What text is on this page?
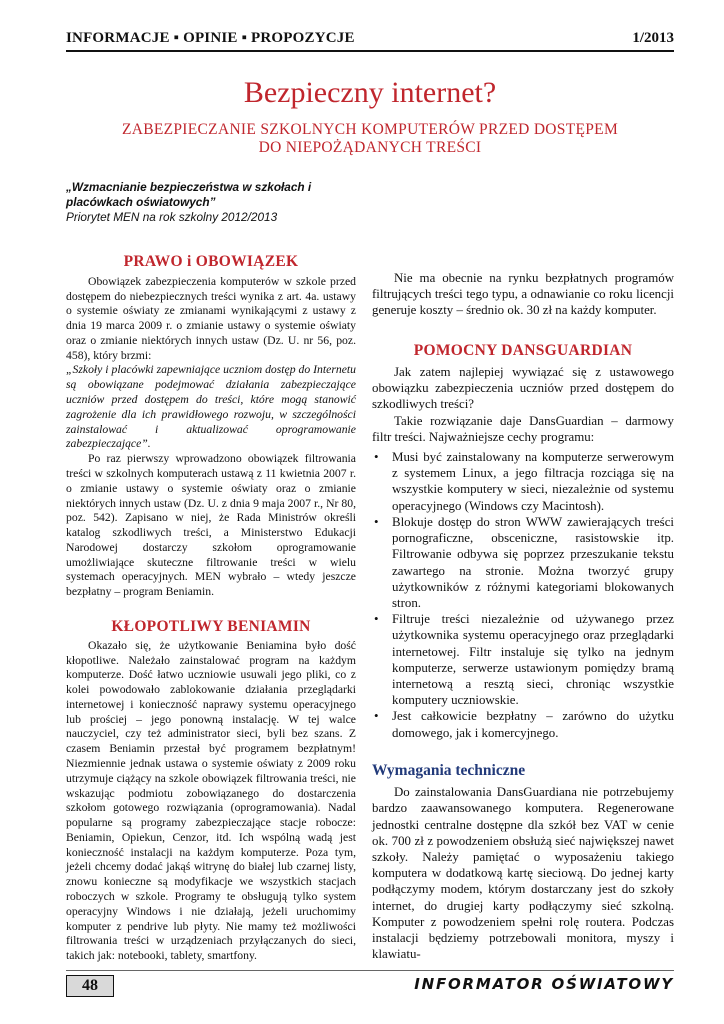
INFORMACJE ▪ OPINIE ▪ PROPOZYCJE	1/2013
Bezpieczny internet?
ZABEZPIECZANIE SZKOLNYCH KOMPUTERÓW PRZED DOSTĘPEM
DO NIEPOŻĄDANYCH TREŚCI
„Wzmacnianie bezpieczeństwa w szkołach i placówkach oświatowych”
Priorytet MEN na rok szkolny 2012/2013
PRAWO i OBOWIĄZEK

Obowiązek zabezpieczenia komputerów w szkole przed dostępem do niebezpiecznych treści wynika z art. 4a. ustawy o systemie oświaty ze zmianami wynikającymi z ustawy z dnia 19 marca 2009 r. o zmianie ustawy o systemie oświaty oraz o zmianie niektórych innych ustaw (Dz. U. nr 56, poz. 458), który brzmi:

„Szkoły i placówki zapewniające uczniom dostęp do Internetu są obowiązane podejmować działania zabezpieczające uczniów przed dostępem do treści, które mogą stanowić zagrożenie dla ich prawidłowego rozwoju, w szczególności zainstalować i aktualizować oprogramowanie zabezpieczające”.

Po raz pierwszy wprowadzono obowiązek filtrowania treści w szkolnych komputerach ustawą z 11 kwietnia 2007 r. o zmianie ustawy o systemie oświaty oraz o zmianie niektórych innych ustaw (Dz. U. z dnia 9 maja 2007 r., Nr 80, poz. 542). Zapisano w niej, że Rada Ministrów określi katalog szkodliwych treści, a Ministerstwo Edukacji Narodowej dostarczy szkołom oprogramowanie umożliwiające skuteczne filtrowanie treści w wielu systemach operacyjnych. MEN wybrało – wtedy jeszcze bezpłatny – program Beniamin.

KŁOPOTLIWY BENIAMIN

Okazało się, że użytkowanie Beniamina było dość kłopotliwe. Należało zainstalować program na każdym komputerze. Dość łatwo uczniowie usuwali jego pliki, co z kolei powodowało zablokowanie działania przeglądarki internetowej i konieczność naprawy systemu operacyjnego lub prościej – jego ponowną instalację. W tej walce nauczyciel, czy też administrator sieci, byli bez szans. Z czasem Beniamin przestał być programem bezpłatnym! Niezmiennie jednak ustawa o systemie oświaty z 2009 roku utrzymuje ciążący na szkole obowiązek filtrowania treści, nie wskazując podmiotu zobowiązanego do dostarczenia szkołom gotowego rozwiązania (oprogramowania). Nadal popularne są programy zabezpieczające stacje robocze: Beniamin, Opiekun, Cenzor, itd. Ich wspólną wadą jest konieczność instalacji na każdym komputerze. Poza tym, jeżeli chcemy dodać jakąś witrynę do białej lub czarnej listy, znowu konieczne są modyfikacje we wszystkich stacjach roboczych w szkole. Programy te obsługują tylko system operacyjny Windows i nie działają, jeżeli uruchomimy komputer z pendrive lub płyty. Nie mamy też możliwości filtrowania treści w urządzeniach przyłączanych do sieci, takich jak: notebooki, tablety, smartfony.

Nie ma obecnie na rynku bezpłatnych programów filtrujących treści tego typu, a odnawianie co roku licencji generuje koszty – średnio ok. 30 zł na każdy komputer.

POMOCNY DANSGUARDIAN

Jak zatem najlepiej wywiązać się z ustawowego obowiązku zabezpieczenia uczniów przed dostępem do szkodliwych treści?

Takie rozwiązanie daje DansGuardian – darmowy filtr treści. Najważniejsze cechy programu:

• Musi być zainstalowany na komputerze serwerowym z systemem Linux, a jego filtracja rozciąga się na wszystkie komputery w sieci, niezależnie od systemu operacyjnego (Windows czy Macintosh).
• Blokuje dostęp do stron WWW zawierających treści pornograficzne, obsceniczne, rasistowskie itp. Filtrowanie odbywa się poprzez przeszukanie tekstu zawartego na stronie. Można tworzyć grupy użytkowników z różnymi kategoriami blokowanych stron.
• Filtruje treści niezależnie od używanego przez użytkownika systemu operacyjnego oraz przeglądarki internetowej. Filtr instaluje się tylko na jednym komputerze, serwerze ustawionym pomiędzy bramą internetową a resztą sieci, chroniąc wszystkie komputery uczniowskie.
• Jest całkowicie bezpłatny – zarówno do użytku domowego, jak i komercyjnego.
Wymagania techniczne

Do zainstalowania DansGuardiana nie potrzebujemy bardzo zaawansowanego komputera. Regenerowane jednostki centralne dostępne dla szkół bez VAT w cenie ok. 700 zł z powodzeniem obsłużą sieć największej nawet szkoły. Należy pamiętać o wyposażeniu takiego komputera w dodatkową kartę sieciową. Do jednej karty podłączymy modem, którym dostarczany jest do szkoły internet, do drugiej karty podłączymy sieć szkolną. Komputer z powodzeniem spełni rolę routera. Podczas instalacji będziemy potrzebowali monitora, myszy i klawiatu-

48	INFORMATOR OŚWIATOWY
